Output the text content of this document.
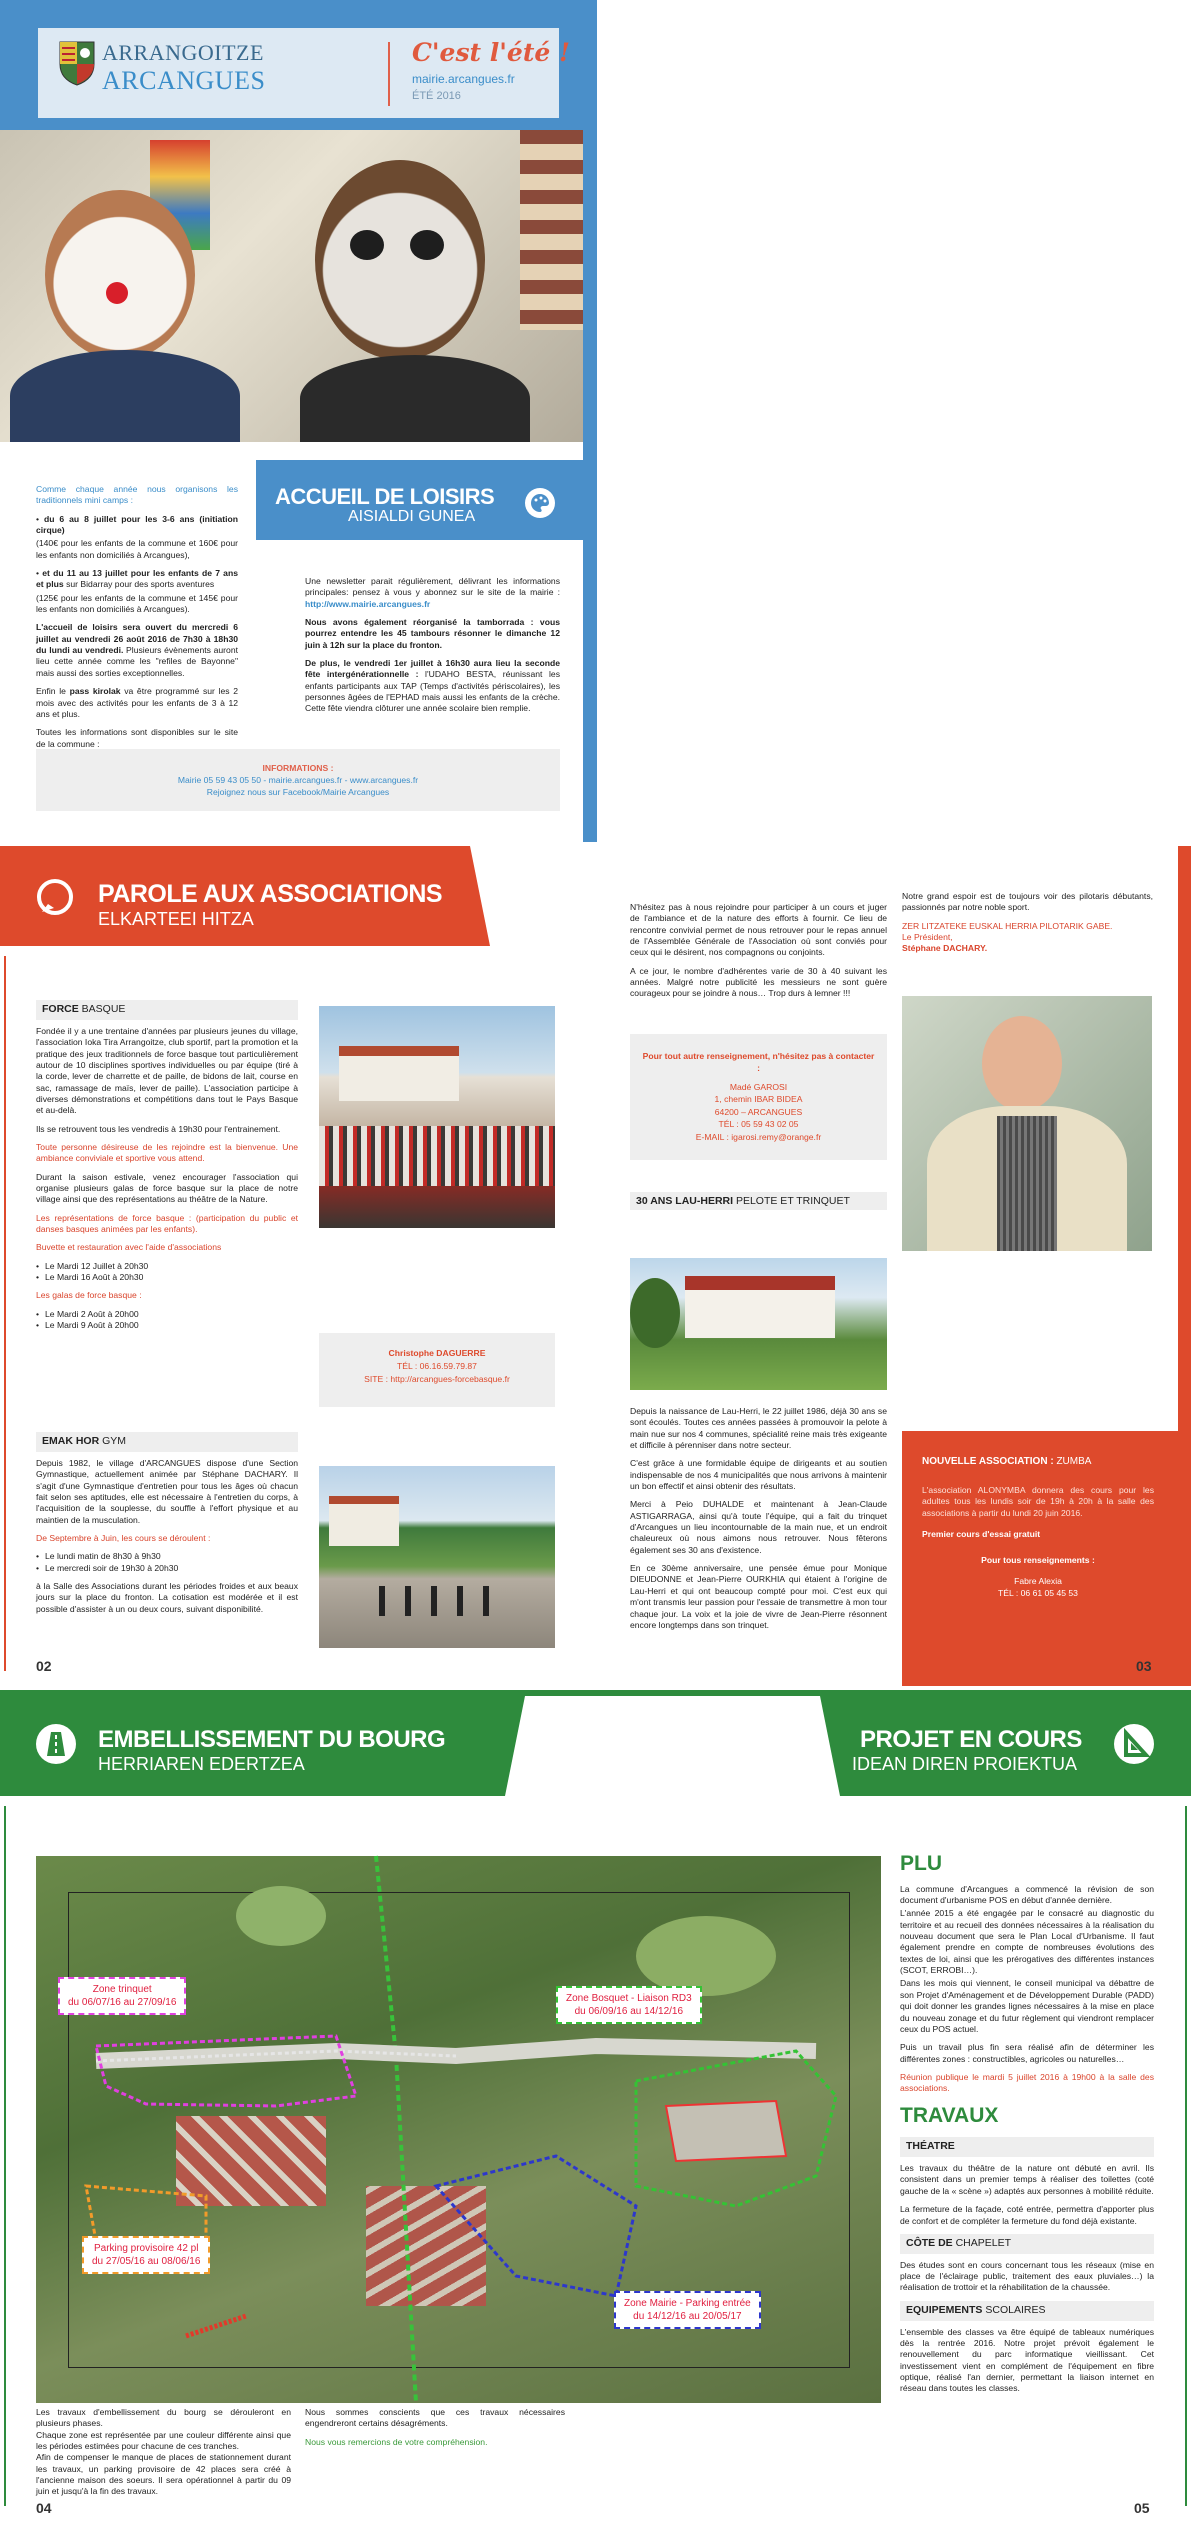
ARRANGOITZE
ARCANGUES
C'est l'été !
mairie.arcangues.fr
ÉTÉ 2016
ACCUEIL DE LOISIRS
AISIALDI GUNEA

Comme chaque année nous organisons les traditionnels mini camps :

• du 6 au 8 juillet pour les 3-6 ans (initiation cirque)

(140€ pour les enfants de la commune et 160€ pour les enfants non domiciliés à Arcangues),

• et du 11 au 13 juillet pour les enfants de 7 ans et plus sur Bidarray pour des sports aventures

(125€ pour les enfants de la commune et 145€ pour les enfants non domiciliés à Arcangues).

L'accueil de loisirs sera ouvert du mercredi 6 juillet au vendredi 26 août 2016 de 7h30 à 18h30 du lundi au vendredi. Plusieurs évènements auront lieu cette année comme les "refiles de Bayonne" mais aussi des sorties exceptionnelles.

Enfin le pass kirolak va être programmé sur les 2 mois avec des activités pour les enfants de 3 à 12 ans et plus.

Toutes les informations sont disponibles sur le site de la commune :

Une newsletter parait régulièrement, délivrant les informations principales: pensez à vous y abonnez sur le site de la mairie : http://www.mairie.arcangues.fr

Nous avons également réorganisé la tamborrada : vous pourrez entendre les 45 tambours résonner le dimanche 12 juin à 12h sur la place du fronton.

De plus, le vendredi 1er juillet à 16h30 aura lieu la seconde fête intergénérationnelle : l'UDAHO BESTA, réunissant les enfants participants aux TAP (Temps d'activités périscolaires), les personnes âgées de l'EPHAD mais aussi les enfants de la crèche. Cette fête viendra clôturer une année scolaire bien remplie.

INFORMATIONS :
Mairie 05 59 43 05 50 - mairie.arcangues.fr - www.arcangues.fr
Rejoignez nous sur Facebook/Mairie Arcangues
PAROLE AUX ASSOCIATIONS
ELKARTEEI HITZA
FORCE BASQUE

Fondée il y a une trentaine d'années par plusieurs jeunes du village, l'association Ioka Tira Arrangoitze, club sportif, part la promotion et la pratique des jeux traditionnels de force basque tout particulièrement autour de 10 disciplines sportives individuelles ou par équipe (tiré à la corde, lever de charrette et de paille, de bidons de lait, course en sac, ramassage de maïs, lever de paille). L'association participe à diverses démonstrations et compétitions dans tout le Pays Basque et au-delà.

Ils se retrouvent tous les vendredis à 19h30 pour l'entrainement.

Toute personne désireuse de les rejoindre est la bienvenue. Une ambiance conviviale et sportive vous attend.

Durant la saison estivale, venez encourager l'association qui organise plusieurs galas de force basque sur la place de notre village ainsi que des représentations au théâtre de la Nature.

Les représentations de force basque : (participation du public et danses basques animées par les enfants).

Buvette et restauration avec l'aide d'associations

• Le Mardi 12 Juillet à 20h30
• Le Mardi 16 Août à 20h30

Les galas de force basque :

• Le Mardi 2 Août à 20h00
• Le Mardi 9 Août à 20h00
Christophe DAGUERRE
TÉL : 06.16.59.79.87
SITE : http://arcangues-forcebasque.fr
EMAK HOR GYM

Depuis 1982, le village d'ARCANGUES dispose d'une Section Gymnastique, actuellement animée par Stéphane DACHARY. Il s'agit d'une Gymnastique d'entretien pour tous les âges où chacun fait selon ses aptitudes, elle est nécessaire à l'entretien du corps, à l'acquisition de la souplesse, du souffle à l'effort physique et au maintien de la musculation.

De Septembre à Juin, les cours se déroulent :

• Le lundi matin de 8h30 à 9h30
• Le mercredi soir de 19h30 à 20h30

à la Salle des Associations durant les périodes froides et aux beaux jours sur la place du fronton. La cotisation est modérée et il est possible d'assister à un ou deux cours, suivant disponibilité.

02

N'hésitez pas à nous rejoindre pour participer à un cours et juger de l'ambiance et de la nature des efforts à fournir. Ce lieu de rencontre convivial permet de nous retrouver pour le repas annuel de l'Assemblée Générale de l'Association où sont conviés pour ceux qui le désirent, nos compagnons ou conjoints.

A ce jour, le nombre d'adhérentes varie de 30 à 40 suivant les années. Malgré notre publicité les messieurs ne sont guère courageux pour se joindre à nous… Trop durs à lemner !!!

Pour tout autre renseignement, n'hésitez pas à contacter :
Madé GAROSI
1, chemin IBAR BIDEA
64200 – ARCANGUES
TÉL : 05 59 43 02 05
E-MAIL : igarosi.remy@orange.fr
30 ANS LAU-HERRI PELOTE ET TRINQUET

Depuis la naissance de Lau-Herri, le 22 juillet 1986, déjà 30 ans se sont écoulés. Toutes ces années passées à promouvoir la pelote à main nue sur nos 4 communes, spécialité reine mais très exigeante et difficile à pérenniser dans notre secteur.

C'est grâce à une formidable équipe de dirigeants et au soutien indispensable de nos 4 municipalités que nous arrivons à maintenir un bon effectif et ainsi obtenir des résultats.

Merci à Peio DUHALDE et maintenant à Jean-Claude ASTIGARRAGA, ainsi qu'à toute l'équipe, qui a fait du trinquet d'Arcangues un lieu incontournable de la main nue, et un endroit chaleureux où nous aimons nous retrouver. Nous fêterons également ses 30 ans d'existence.

En ce 30ème anniversaire, une pensée émue pour Monique DIEUDONNE et Jean-Pierre OURKHIA qui étaient à l'origine de Lau-Herri et qui ont beaucoup compté pour moi. C'est eux qui m'ont transmis leur passion pour l'essaie de transmettre à mon tour chaque jour. La voix et la joie de vivre de Jean-Pierre résonnent encore longtemps dans son trinquet.

Notre grand espoir est de toujours voir des pilotaris débutants, passionnés par notre noble sport.

ZER LITZATEKE EUSKAL HERRIA PILOTARIK GABE.

Le Président,

Stéphane DACHARY.

NOUVELLE ASSOCIATION : ZUMBA

L'association ALONYMBA donnera des cours pour les adultes tous les lundis soir de 19h à 20h à la salle des associations à partir du lundi 20 juin 2016.

Premier cours d'essai gratuit

Pour tous renseignements :
Fabre Alexia
TÉL : 06 61 05 45 53
03
EMBELLISSEMENT DU BOURG
HERRIAREN EDERTZEA
PROJET EN COURS
IDEAN DIREN PROIEKTUA
Zone trinquet
du 06/07/16 au 27/09/16	Zone Bosquet - Liaison RD3
du 06/09/16 au 14/12/16
Parking provisoire 42 pl
du 27/05/16 au 08/06/16
Zone Mairie - Parking entrée
du 14/12/16 au 20/05/17

Les travaux d'embellissement du bourg se dérouleront en plusieurs phases.

Chaque zone est représentée par une couleur différente ainsi que les périodes estimées pour chacune de ces tranches.

Afin de compenser le manque de places de stationnement durant les travaux, un parking provisoire de 42 places sera créé à l'ancienne maison des soeurs. Il sera opérationnel à partir du 09 juin et jusqu'à la fin des travaux.

Nous sommes conscients que ces travaux nécessaires engendreront certains désagréments.

Nous vous remercions de votre compréhension.

04
PLU

La commune d'Arcangues a commencé la révision de son document d'urbanisme POS en début d'année dernière.

L'année 2015 a été engagée par le consacré au diagnostic du territoire et au recueil des données nécessaires à la réalisation du nouveau document que sera le Plan Local d'Urbanisme. Il faut également prendre en compte de nombreuses évolutions des textes de loi, ainsi que les prérogatives des différentes instances (SCOT, ERROBI…).

Dans les mois qui viennent, le conseil municipal va débattre de son Projet d'Aménagement et de Développement Durable (PADD) qui doit donner les grandes lignes nécessaires à la mise en place du nouveau zonage et du futur règlement qui viendront remplacer ceux du POS actuel.

Puis un travail plus fin sera réalisé afin de déterminer les différentes zones : constructibles, agricoles ou naturelles…

Réunion publique le mardi 5 juillet 2016 à 19h00 à la salle des associations.

TRAVAUX
THÉATRE

Les travaux du théâtre de la nature ont débuté en avril. Ils consistent dans un premier temps à réaliser des toilettes (coté gauche de la « scène ») adaptés aux personnes à mobilité réduite.

La fermeture de la façade, coté entrée, permettra d'apporter plus de confort et de compléter la fermeture du fond déjà existante.

CÔTE DE CHAPELET

Des études sont en cours concernant tous les réseaux (mise en place de l'éclairage public, traitement des eaux pluviales…) la réalisation de trottoir et la réhabilitation de la chaussée.

EQUIPEMENTS SCOLAIRES

L'ensemble des classes va être équipé de tableaux numériques dès la rentrée 2016. Notre projet prévoit également le renouvellement du parc informatique vieillissant. Cet investissement vient en complément de l'équipement en fibre optique, réalisé l'an dernier, permettant la liaison internet en réseau dans toutes les classes.

05
